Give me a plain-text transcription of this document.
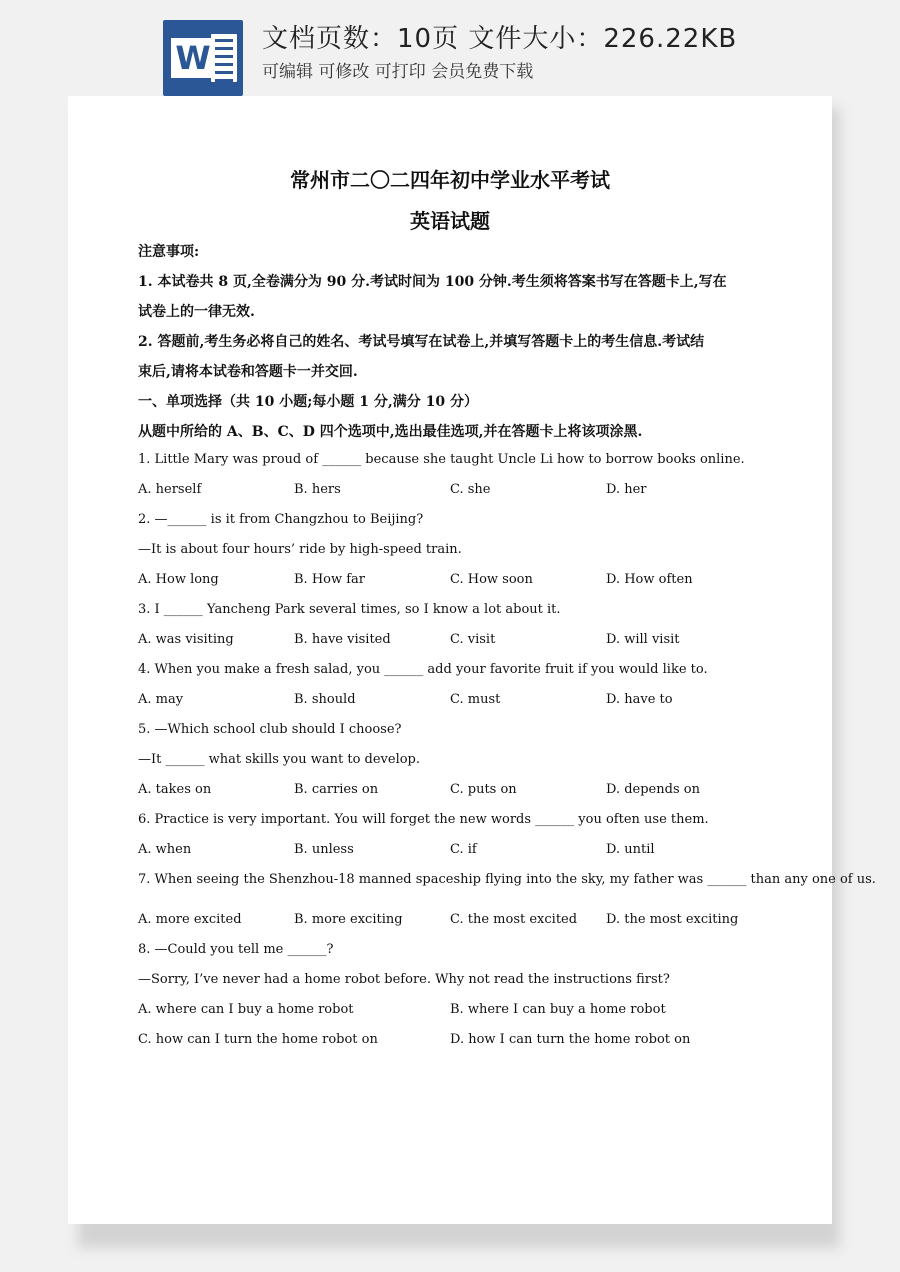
W 文档页数：10页 文件大小：226.22KB
可编辑 可修改 可打印 会员免费下载
常州市二〇二四年初中学业水平考试
英语试题
注意事项:
1. 本试卷共 8 页,全卷满分为 90 分.考试时间为 100 分钟.考生须将答案书写在答题卡上,写在
试卷上的一律无效.
2. 答题前,考生务必将自己的姓名、考试号填写在试卷上,并填写答题卡上的考生信息.考试结
束后,请将本试卷和答题卡一并交回.
一、单项选择（共 10 小题;每小题 1 分,满分 10 分）
从题中所给的 A、B、C、D 四个选项中,选出最佳选项,并在答题卡上将该项涂黑.
1. Little Mary was proud of ______ because she taught Uncle Li how to borrow books online.
A. herself	B. hers	C. she	D. her
2. —______ is it from Changzhou to Beijing?
—It is about four hours’ ride by high-speed train.
A. How long	B. How far	C. How soon	D. How often
3. I ______ Yancheng Park several times, so I know a lot about it.
A. was visiting	B. have visited	C. visit	D. will visit
4. When you make a fresh salad, you ______ add your favorite fruit if you would like to.
A. may	B. should	C. must	D. have to
5. —Which school club should I choose?
—It ______ what skills you want to develop.
A. takes on	B. carries on	C. puts on	D. depends on
6. Practice is very important. You will forget the new words ______ you often use them.
A. when	B. unless	C. if	D. until
7. When seeing the Shenzhou-18 manned spaceship flying into the sky, my father was ______ than any one of us.
A. more excited	B. more exciting	C. the most excited D. the most exciting
8. —Could you tell me ______?
—Sorry, I’ve never had a home robot before. Why not read the instructions first?
A. where can I buy a home robot	B. where I can buy a home robot
C. how can I turn the home robot on	D. how I can turn the home robot on
